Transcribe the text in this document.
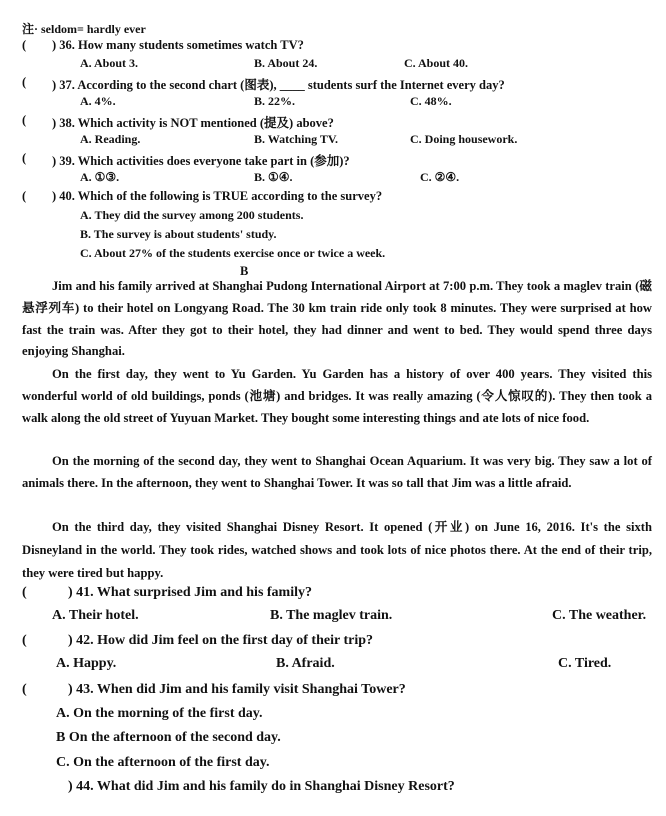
注· seldom= hardly ever
( ) 36. How many students sometimes watch TV?
A. About 3.	B. About 24.	C. About 40.
( ) 37. According to the second chart (图表), ____ students surf the Internet every day?
A. 4%.	B. 22%.	C. 48%.
( ) 38. Which activity is NOT mentioned (提及) above?
A. Reading.	B. Watching TV.	C. Doing housework.
( ) 39. Which activities does everyone take part in (参加)?
A. ①③.	B. ①④.	C. ②④.
( ) 40. Which of the following is TRUE according to the survey?
A. They did the survey among 200 students.
B. The survey is about students' study.
C. About 27% of the students exercise once or twice a week.
B
Jim and his family arrived at Shanghai Pudong International Airport at 7:00 p.m. They took a maglev train (磁悬浮列车) to their hotel on Longyang Road. The 30 km train ride only took 8 minutes. They were surprised at how fast the train was. After they got to their hotel, they had dinner and went to bed. They would spend three days enjoying Shanghai.
On the first day, they went to Yu Garden. Yu Garden has a history of over 400 years. They visited this wonderful world of old buildings, ponds (池塘) and bridges. It was really amazing (令人惊叹的). They then took a walk along the old street of Yuyuan Market. They bought some interesting things and ate lots of nice food.
On the morning of the second day, they went to Shanghai Ocean Aquarium. It was very big. They saw a lot of animals there. In the afternoon, they went to Shanghai Tower. It was so tall that Jim was a little afraid.
On the third day, they visited Shanghai Disney Resort. It opened (开业) on June 16, 2016. It's the sixth Disneyland in the world. They took rides, watched shows and took lots of nice photos there. At the end of their trip, they were tired but happy.
(	) 41. What surprised Jim and his family?
A. Their hotel.	B. The maglev train.	C. The weather.
(	) 42. How did Jim feel on the first day of their trip?
A. Happy.	B. Afraid.	C. Tired.
(	) 43. When did Jim and his family visit Shanghai Tower?
A. On the morning of the first day.
B On the afternoon of the second day.
C. On the afternoon of the first day.
) 44. What did Jim and his family do in Shanghai Disney Resort?
